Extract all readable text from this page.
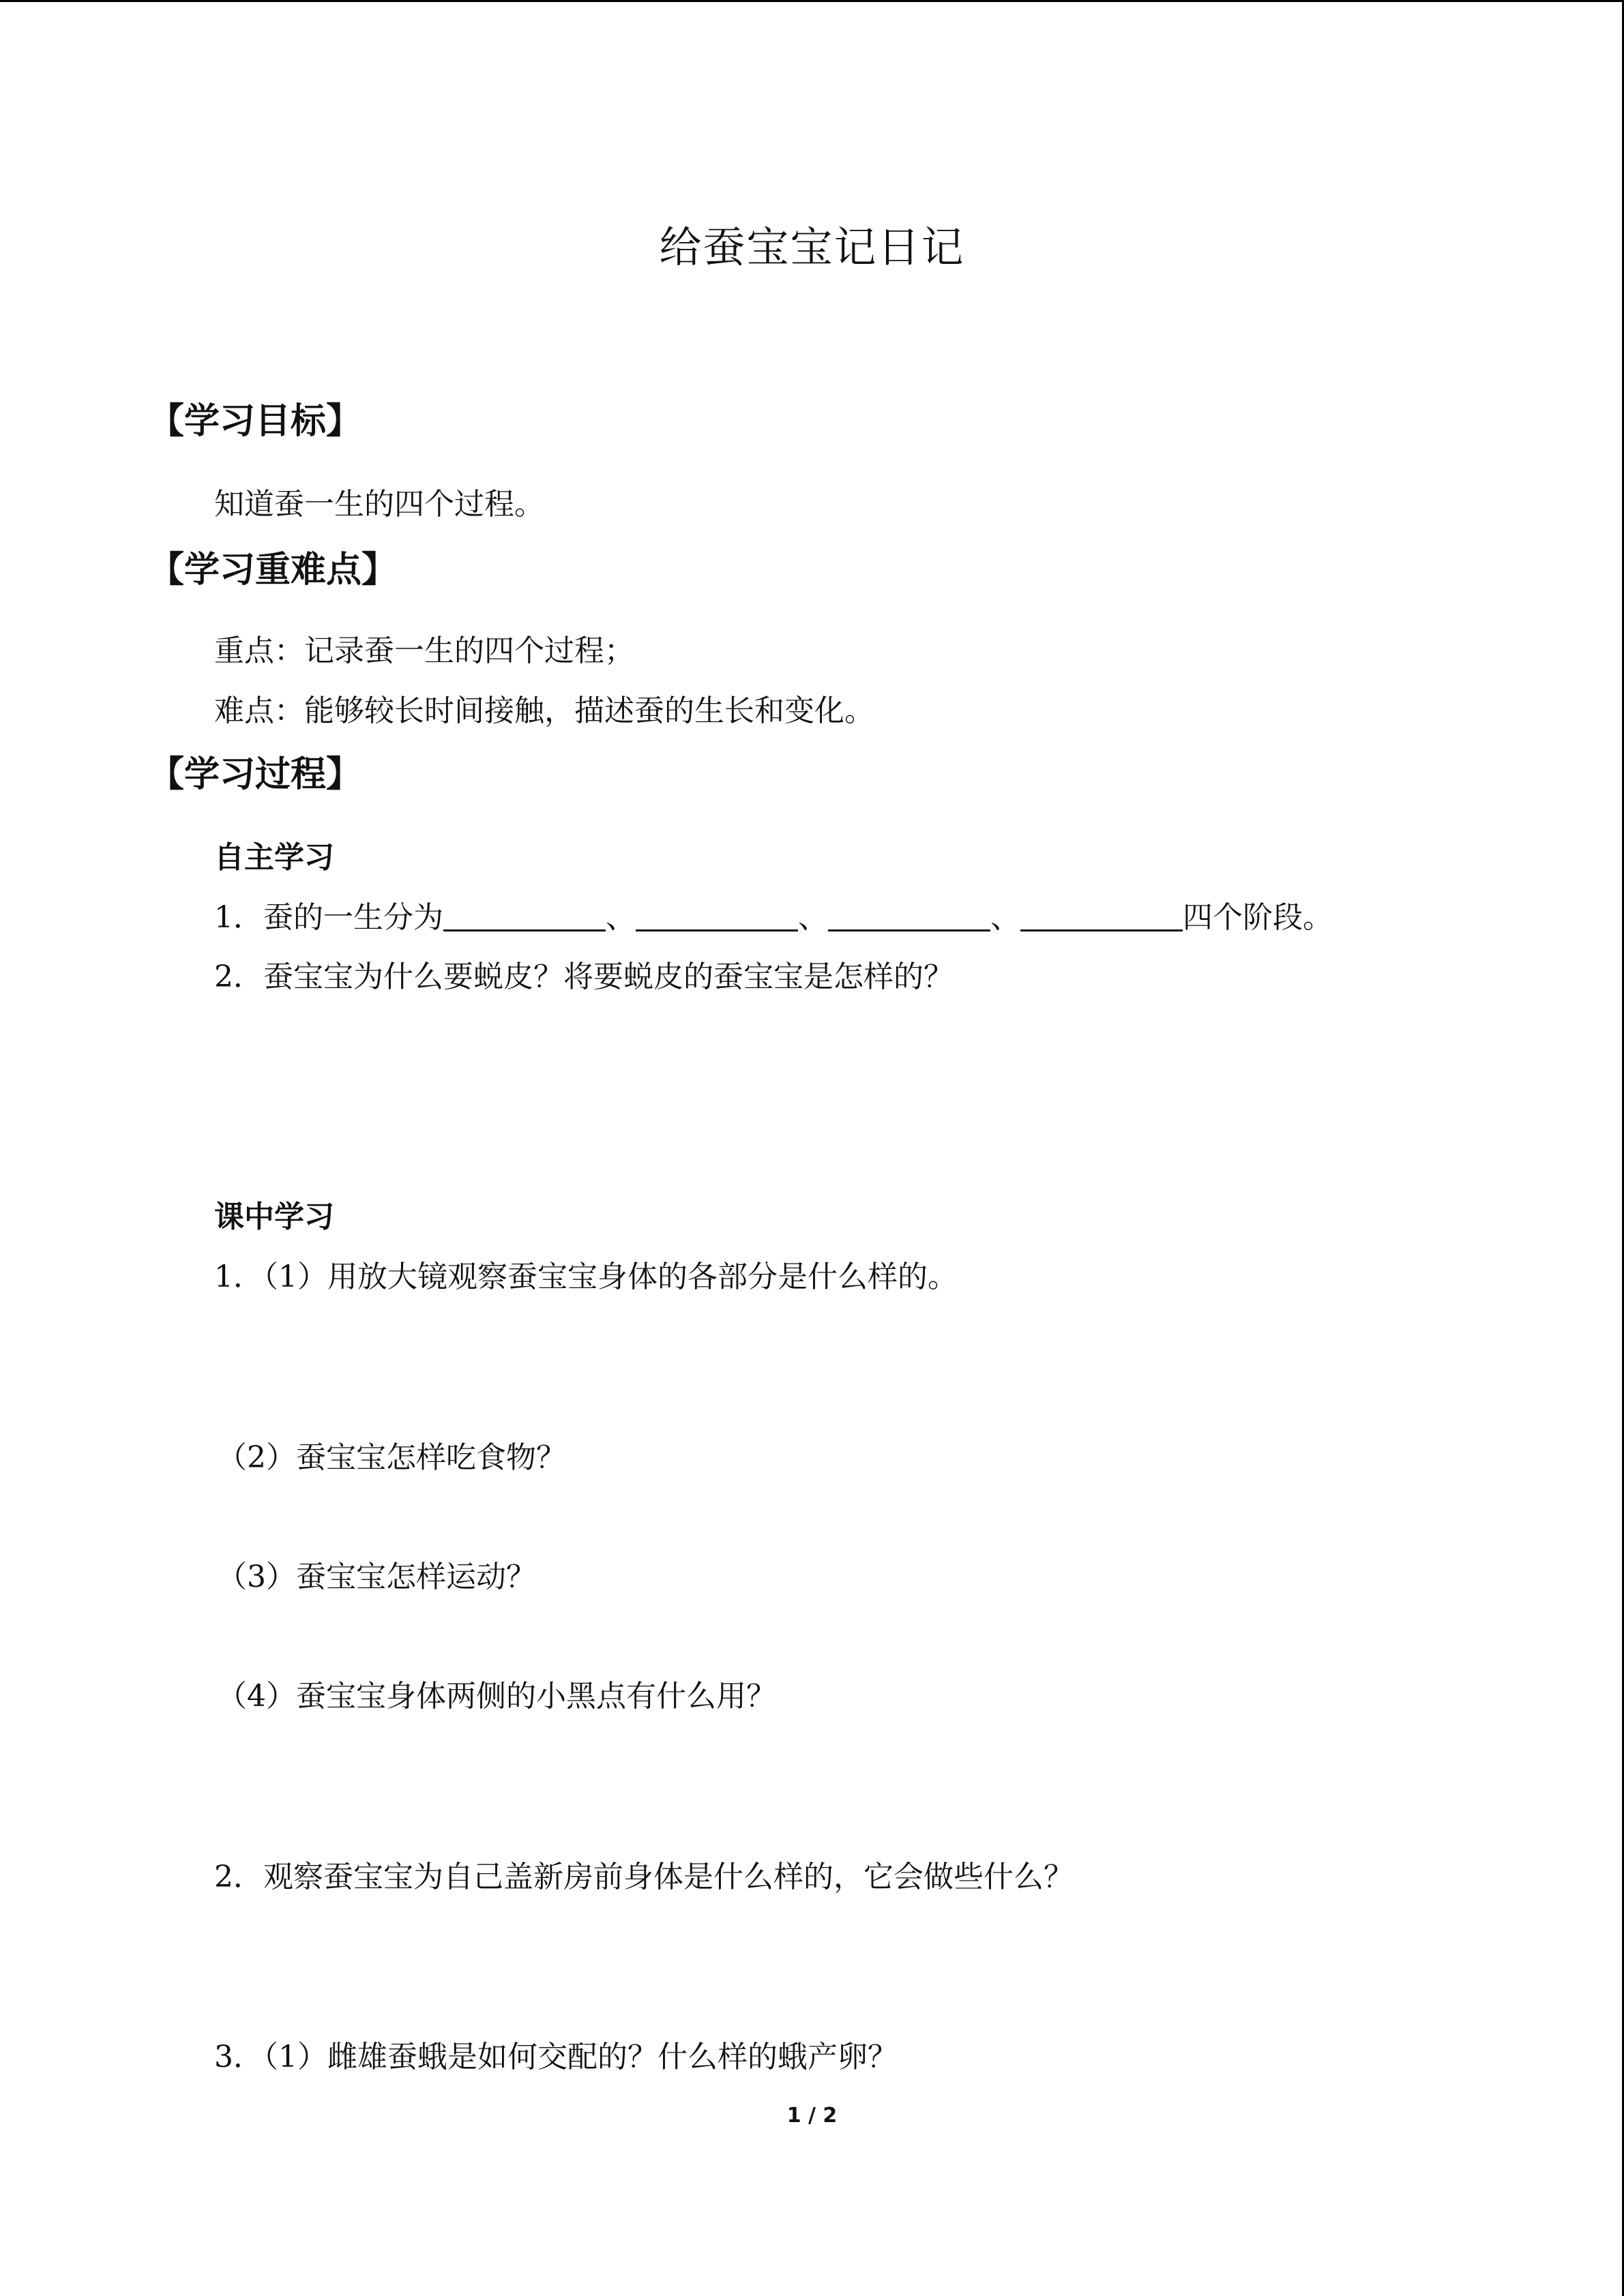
给蚕宝宝记日记
【学习目标】
知道蚕一生的四个过程。
【学习重难点】
重点：记录蚕一生的四个过程；
难点：能够较长时间接触，描述蚕的生长和变化。
【学习过程】
自主学习
1．蚕的一生分为	、	、	、	四个阶段。
2．蚕宝宝为什么要蜕皮？将要蜕皮的蚕宝宝是怎样的？
课中学习
1．（1）用放大镜观察蚕宝宝身体的各部分是什么样的。
（2）蚕宝宝怎样吃食物？
（3）蚕宝宝怎样运动？
（4）蚕宝宝身体两侧的小黑点有什么用？
2．观察蚕宝宝为自己盖新房前身体是什么样的，它会做些什么？
3．（1）雌雄蚕蛾是如何交配的？什么样的蛾产卵？
1 / 2
